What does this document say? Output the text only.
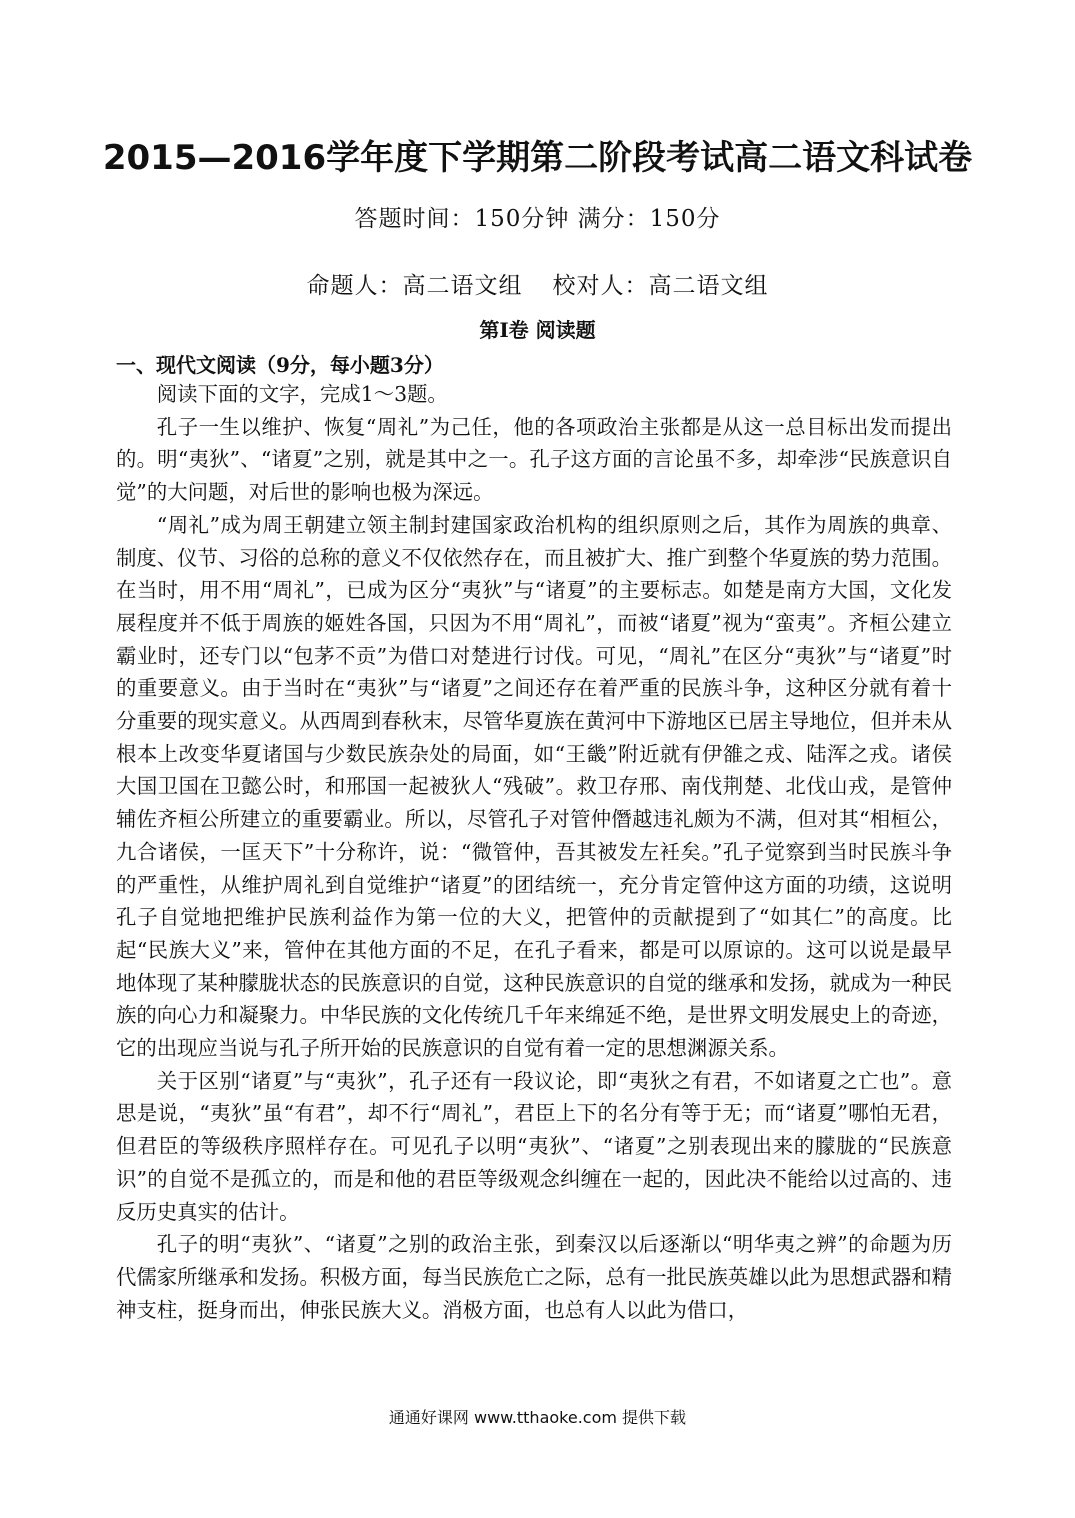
2015—2016学年度下学期第二阶段考试高二语文科试卷
答题时间：150分钟 满分：150分
命题人：高二语文组 校对人：高二语文组
第Ⅰ卷 阅读题
一、现代文阅读（9分，每小题3分）

阅读下面的文字，完成1～3题。

孔子一生以维护、恢复“周礼”为己任，他的各项政治主张都是从这一总目标出发而提出的。明“夷狄”、“诸夏”之别，就是其中之一。孔子这方面的言论虽不多，却牵涉“民族意识自觉”的大问题，对后世的影响也极为深远。

“周礼”成为周王朝建立领主制封建国家政治机构的组织原则之后，其作为周族的典章、制度、仪节、习俗的总称的意义不仅依然存在，而且被扩大、推广到整个华夏族的势力范围。在当时，用不用“周礼”，已成为区分“夷狄”与“诸夏”的主要标志。如楚是南方大国，文化发展程度并不低于周族的姬姓各国，只因为不用“周礼”，而被“诸夏”视为“蛮夷”。齐桓公建立霸业时，还专门以“包茅不贡”为借口对楚进行讨伐。可见，“周礼”在区分“夷狄”与“诸夏”时的重要意义。由于当时在“夷狄”与“诸夏”之间还存在着严重的民族斗争，这种区分就有着十分重要的现实意义。从西周到春秋末，尽管华夏族在黄河中下游地区已居主导地位，但并未从根本上改变华夏诸国与少数民族杂处的局面，如“王畿”附近就有伊雒之戎、陆浑之戎。诸侯大国卫国在卫懿公时，和邢国一起被狄人“残破”。救卫存邢、南伐荆楚、北伐山戎，是管仲辅佐齐桓公所建立的重要霸业。所以，尽管孔子对管仲僭越违礼颇为不满，但对其“相桓公，九合诸侯，一匡天下”十分称许，说：“微管仲，吾其被发左衽矣。”孔子觉察到当时民族斗争的严重性，从维护周礼到自觉维护“诸夏”的团结统一，充分肯定管仲这方面的功绩，这说明孔子自觉地把维护民族利益作为第一位的大义，把管仲的贡献提到了“如其仁”的高度。比起“民族大义”来，管仲在其他方面的不足，在孔子看来，都是可以原谅的。这可以说是最早地体现了某种朦胧状态的民族意识的自觉，这种民族意识的自觉的继承和发扬，就成为一种民族的向心力和凝聚力。中华民族的文化传统几千年来绵延不绝，是世界文明发展史上的奇迹，它的出现应当说与孔子所开始的民族意识的自觉有着一定的思想渊源关系。

关于区别“诸夏”与“夷狄”，孔子还有一段议论，即“夷狄之有君，不如诸夏之亡也”。意思是说，“夷狄”虽“有君”，却不行“周礼”，君臣上下的名分有等于无；而“诸夏”哪怕无君，但君臣的等级秩序照样存在。可见孔子以明“夷狄”、“诸夏”之别表现出来的朦胧的“民族意识”的自觉不是孤立的，而是和他的君臣等级观念纠缠在一起的，因此决不能给以过高的、违反历史真实的估计。

孔子的明“夷狄”、“诸夏”之别的政治主张，到秦汉以后逐渐以“明华夷之辨”的命题为历代儒家所继承和发扬。积极方面，每当民族危亡之际，总有一批民族英雄以此为思想武器和精神支柱，挺身而出，伸张民族大义。消极方面，也总有人以此为借口，

通通好课网 www.tthaoke.com 提供下载
